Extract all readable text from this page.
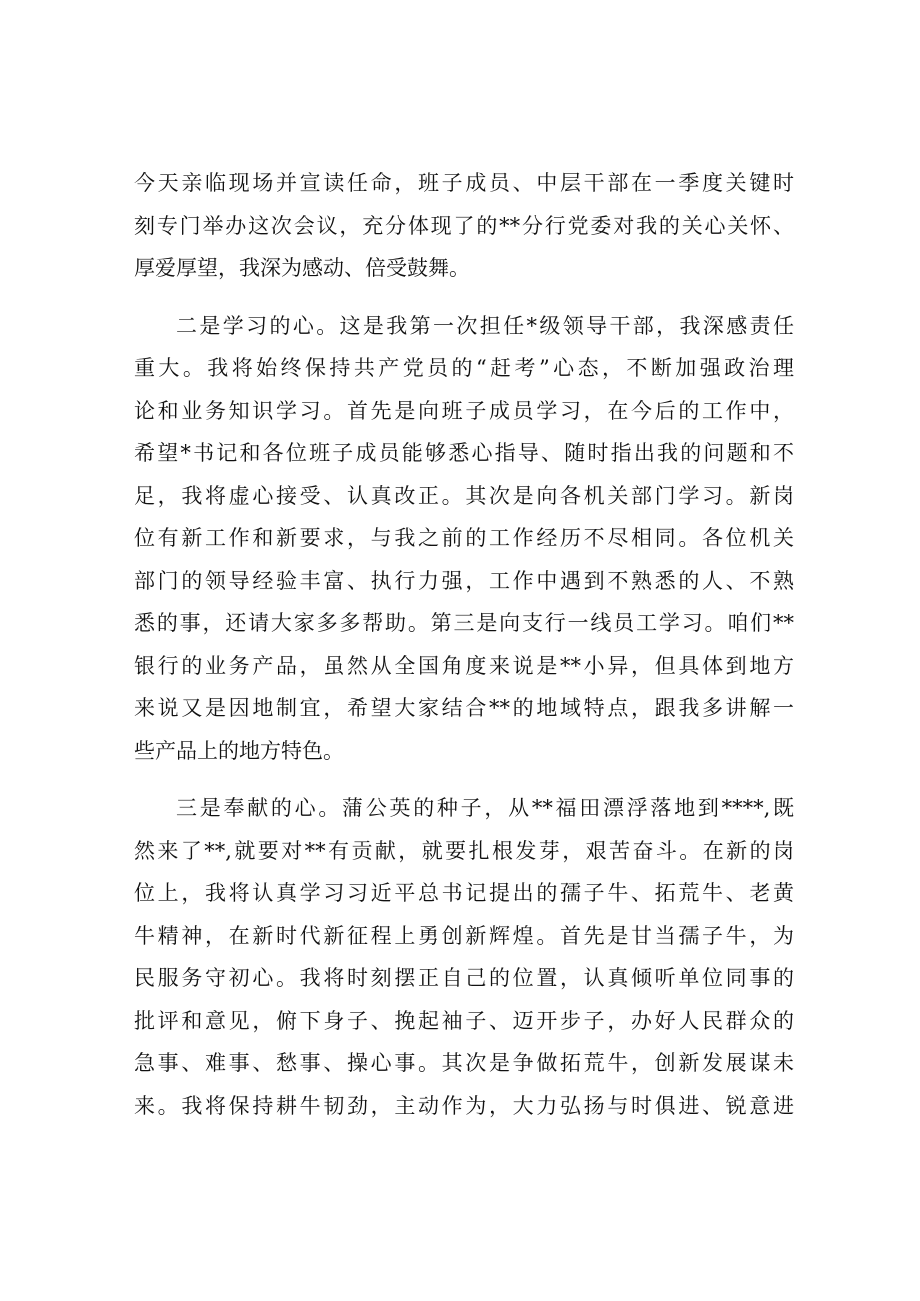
今天亲临现场并宣读任命，班子成员、中层干部在一季度关键时
刻专门举办这次会议，充分体现了的**分行党委对我的关心关怀、
厚爱厚望，我深为感动、倍受鼓舞。
二是学习的心。这是我第一次担任*级领导干部，我深感责任
重大。我将始终保持共产党员的“赶考”心态，不断加强政治理
论和业务知识学习。首先是向班子成员学习，在今后的工作中，
希望*书记和各位班子成员能够悉心指导、随时指出我的问题和不
足，我将虚心接受、认真改正。其次是向各机关部门学习。新岗
位有新工作和新要求，与我之前的工作经历不尽相同。各位机关
部门的领导经验丰富、执行力强，工作中遇到不熟悉的人、不熟
悉的事，还请大家多多帮助。第三是向支行一线员工学习。咱们**
银行的业务产品，虽然从全国角度来说是**小异，但具体到地方
来说又是因地制宜，希望大家结合**的地域特点，跟我多讲解一
些产品上的地方特色。
三是奉献的心。蒲公英的种子，从**福田漂浮落地到****,既
然来了**,就要对**有贡献，就要扎根发芽，艰苦奋斗。在新的岗
位上，我将认真学习习近平总书记提出的孺子牛、拓荒牛、老黄
牛精神，在新时代新征程上勇创新辉煌。首先是甘当孺子牛，为
民服务守初心。我将时刻摆正自己的位置，认真倾听单位同事的
批评和意见，俯下身子、挽起袖子、迈开步子，办好人民群众的
急事、难事、愁事、操心事。其次是争做拓荒牛，创新发展谋未
来。我将保持耕牛韧劲，主动作为，大力弘扬与时俱进、锐意进
